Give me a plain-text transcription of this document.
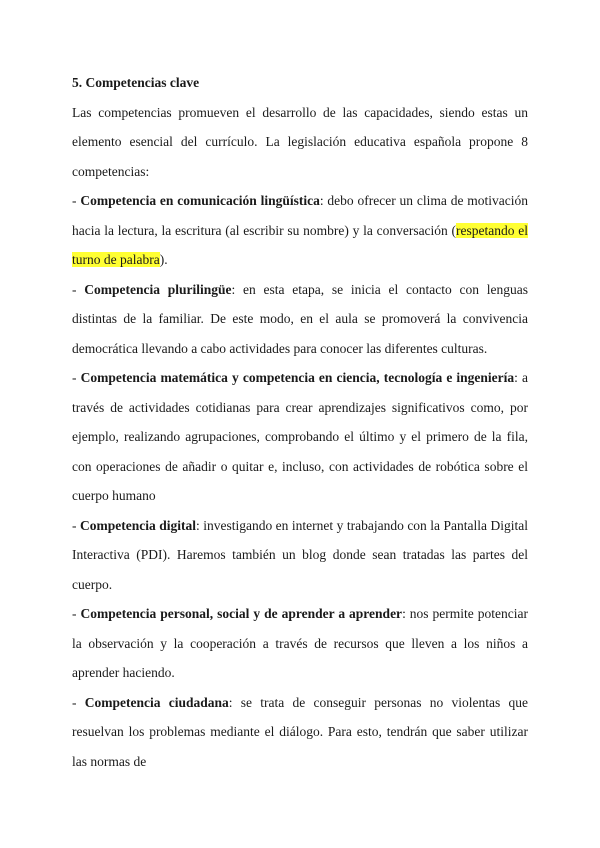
5. Competencias clave

Las competencias promueven el desarrollo de las capacidades, siendo estas un elemento esencial del currículo. La legislación educativa española propone 8 competencias:

- Competencia en comunicación lingüística: debo ofrecer un clima de motivación hacia la lectura, la escritura (al escribir su nombre) y la conversación (respetando el turno de palabra).

- Competencia plurilingüe: en esta etapa, se inicia el contacto con lenguas distintas de la familiar. De este modo, en el aula se promoverá la convivencia democrática llevando a cabo actividades para conocer las diferentes culturas.

- Competencia matemática y competencia en ciencia, tecnología e ingeniería: a través de actividades cotidianas para crear aprendizajes significativos como, por ejemplo, realizando agrupaciones, comprobando el último y el primero de la fila, con operaciones de añadir o quitar e, incluso, con actividades de robótica sobre el cuerpo humano

- Competencia digital: investigando en internet y trabajando con la Pantalla Digital Interactiva (PDI). Haremos también un blog donde sean tratadas las partes del cuerpo.

- Competencia personal, social y de aprender a aprender: nos permite potenciar la observación y la cooperación a través de recursos que lleven a los niños a aprender haciendo.

- Competencia ciudadana: se trata de conseguir personas no violentas que resuelvan los problemas mediante el diálogo. Para esto, tendrán que saber utilizar las normas de
